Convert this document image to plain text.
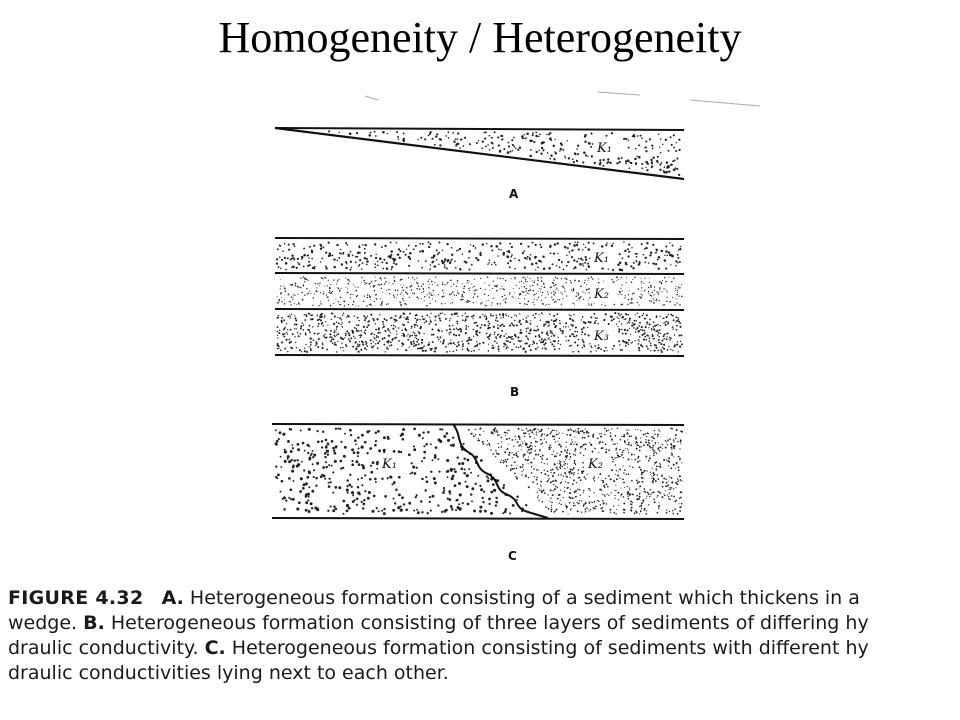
Homogeneity / Heterogeneity
K₁
A
K₁
K₂
K₃
B
K₁	K₂
C

FIGURE 4.32 A. Heterogeneous formation consisting of a sediment which thickens in a

wedge. B. Heterogeneous formation consisting of three layers of sediments of differing hy

draulic conductivity. C. Heterogeneous formation consisting of sediments with different hy

draulic conductivities lying next to each other.
